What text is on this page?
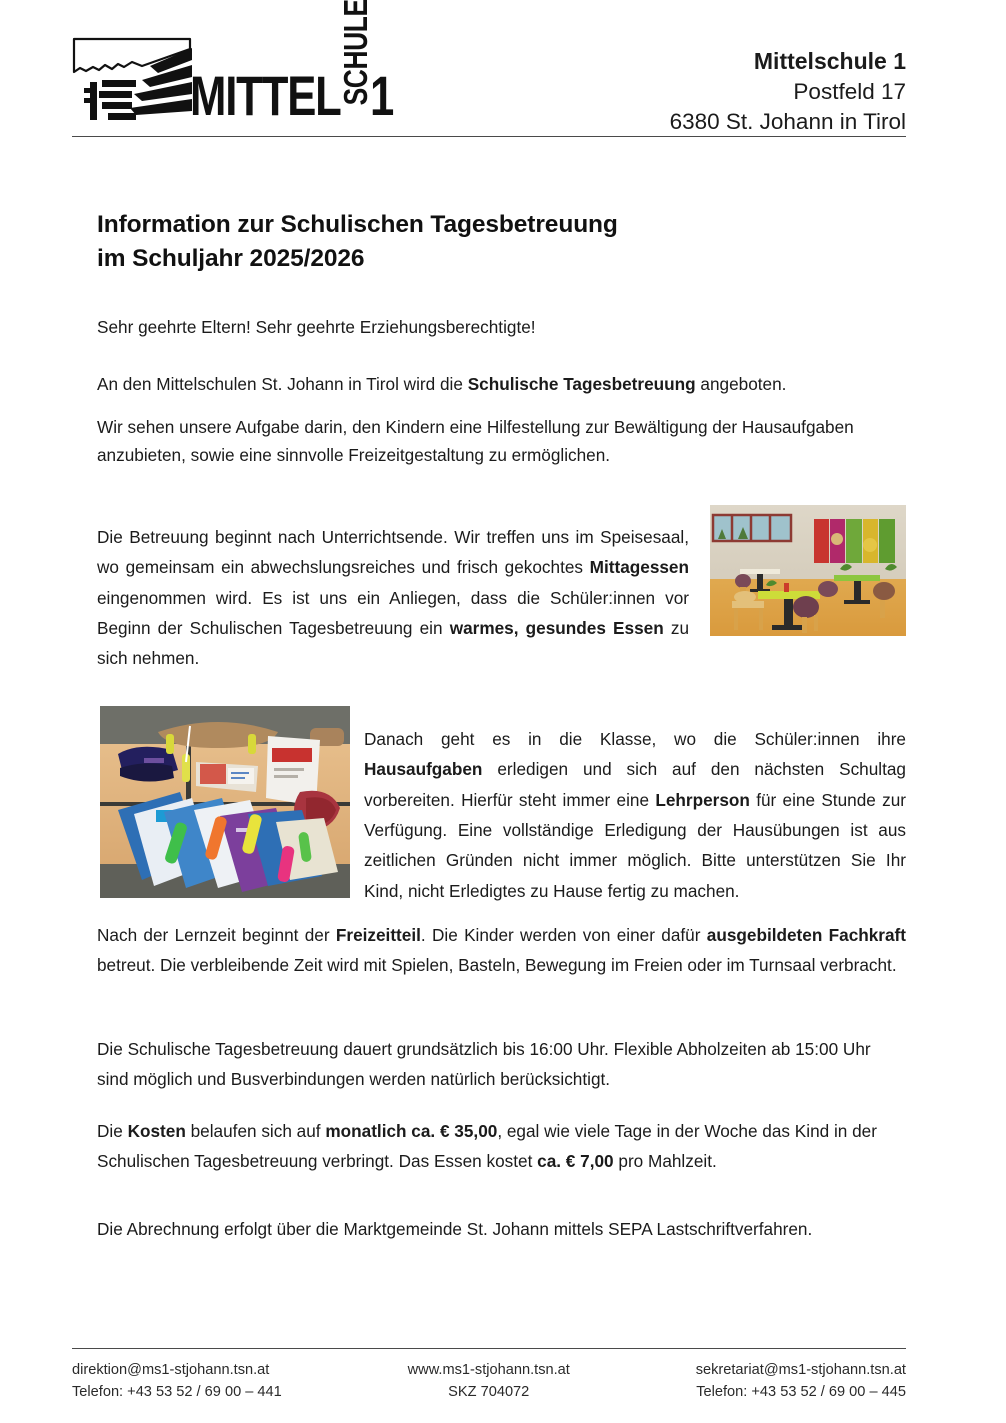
MITTEL
SCHULE
1
Mittelschule 1
Postfeld 17
6380 St. Johann in Tirol
Information zur Schulischen Tagesbetreuung
im Schuljahr 2025/2026

Sehr geehrte Eltern! Sehr geehrte Erziehungsberechtigte!

An den Mittelschulen St. Johann in Tirol wird die Schulische Tagesbetreuung angeboten.

Wir sehen unsere Aufgabe darin, den Kindern eine Hilfestellung zur Bewältigung der Hausaufgaben anzubieten, sowie eine sinnvolle Freizeitgestaltung zu ermöglichen.

Die Betreuung beginnt nach Unterrichtsende. Wir treffen uns im Speisesaal, wo gemeinsam ein abwechslungsreiches und frisch gekochtes Mittagessen eingenommen wird. Es ist uns ein Anliegen, dass die Schüler:innen vor Beginn der Schulischen Tagesbetreuung ein warmes, gesundes Essen zu sich nehmen.

Danach geht es in die Klasse, wo die Schüler:innen ihre Hausaufgaben erledigen und sich auf den nächsten Schultag vorbereiten. Hierfür steht immer eine Lehrperson für eine Stunde zur Verfügung. Eine vollständige Erledigung der Hausübungen ist aus zeitlichen Gründen nicht immer möglich. Bitte unterstützen Sie Ihr Kind, nicht Erledigtes zu Hause fertig zu machen.

Nach der Lernzeit beginnt der Freizeitteil. Die Kinder werden von einer dafür ausgebildeten Fachkraft betreut. Die verbleibende Zeit wird mit Spielen, Basteln, Bewegung im Freien oder im Turnsaal verbracht.

Die Schulische Tagesbetreuung dauert grundsätzlich bis 16:00 Uhr. Flexible Abholzeiten ab 15:00 Uhr sind möglich und Busverbindungen werden natürlich berücksichtigt.

Die Kosten belaufen sich auf monatlich ca. € 35,00, egal wie viele Tage in der Woche das Kind in der Schulischen Tagesbetreuung verbringt. Das Essen kostet ca. € 7,00 pro Mahlzeit.

Die Abrechnung erfolgt über die Marktgemeinde St. Johann mittels SEPA Lastschriftverfahren.

direktion@ms1-stjohann.tsn.at
Telefon: +43 53 52 / 69 00 – 441
www.ms1-stjohann.tsn.at
SKZ 704072
sekretariat@ms1-stjohann.tsn.at
Telefon: +43 53 52 / 69 00 – 445
